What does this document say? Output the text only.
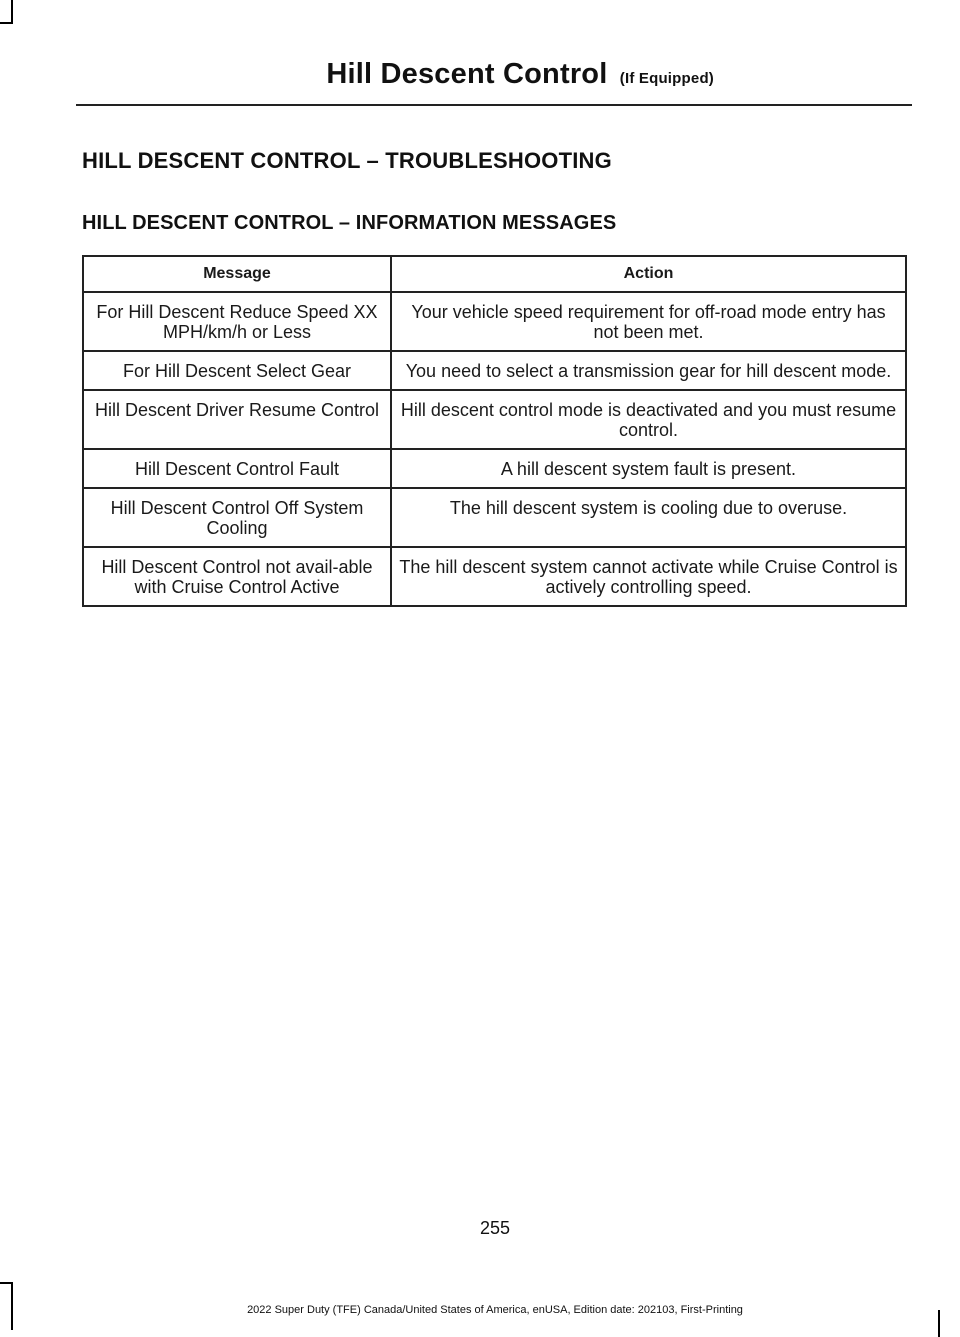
Hill Descent Control (If Equipped)
HILL DESCENT CONTROL – TROUBLESHOOTING
HILL DESCENT CONTROL – INFORMATION MESSAGES
Message	Action
For Hill Descent Reduce Speed XX MPH/km/h or Less	Your vehicle speed requirement for off-road mode entry has not been met.
For Hill Descent Select Gear	You need to select a transmission gear for hill descent mode.
Hill Descent Driver Resume Control	Hill descent control mode is deactivated and you must resume control.
Hill Descent Control Fault	A hill descent system fault is present.
Hill Descent Control Off System Cooling	The hill descent system is cooling due to overuse.
Hill Descent Control not avail-able with Cruise Control Active	The hill descent system cannot activate while Cruise Control is actively controlling speed.
255
2022 Super Duty (TFE) Canada/United States of America, enUSA, Edition date: 202103, First-Printing
